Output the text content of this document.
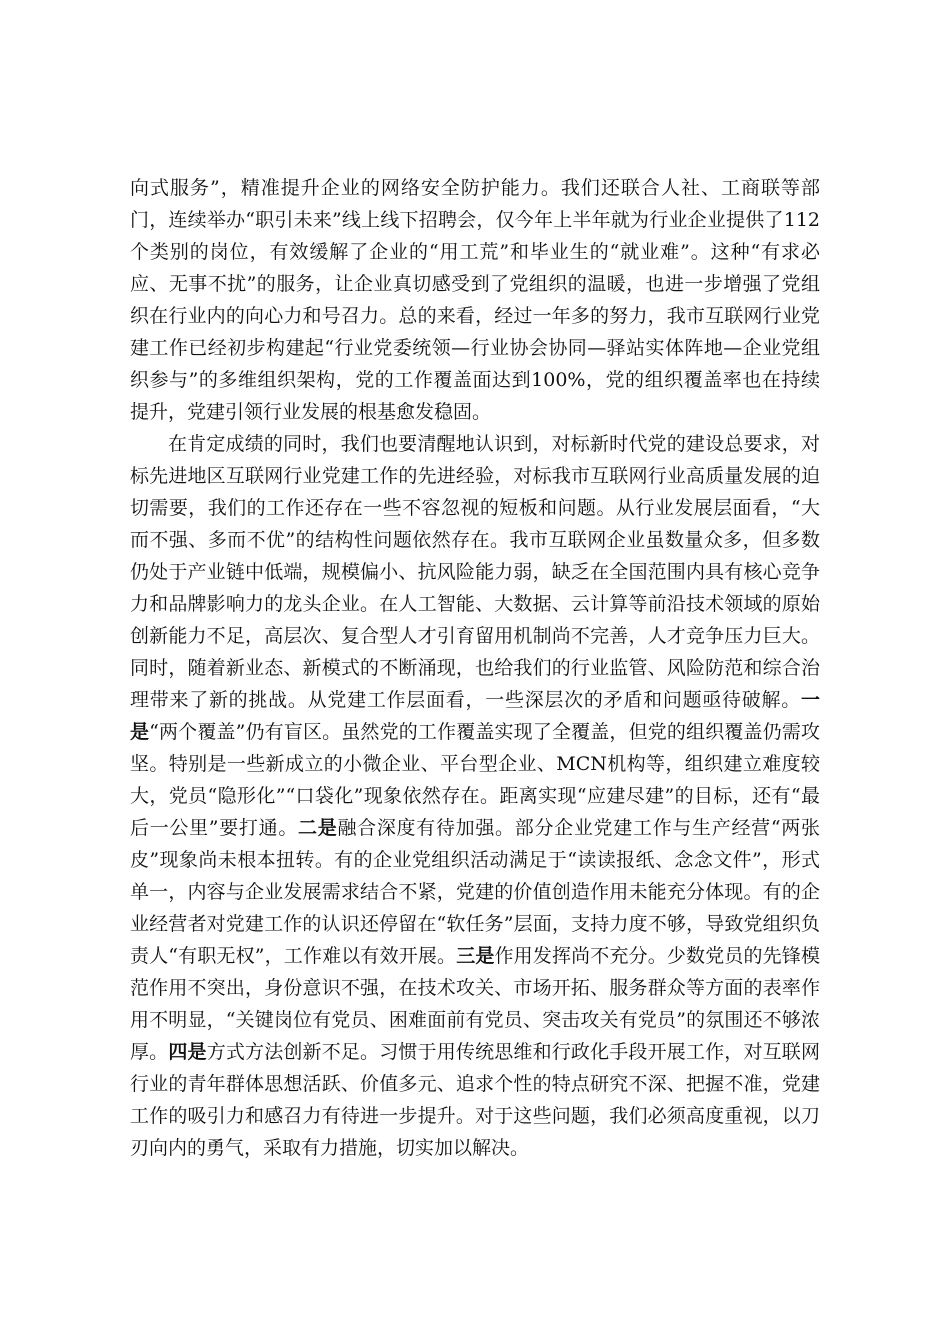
向式服务”，精准提升企业的网络安全防护能力。我们还联合人社、工商联等部门，连续举办“职引未来”线上线下招聘会，仅今年上半年就为行业企业提供了112个类别的岗位，有效缓解了企业的“用工荒”和毕业生的“就业难”。这种“有求必应、无事不扰”的服务，让企业真切感受到了党组织的温暖，也进一步增强了党组织在行业内的向心力和号召力。总的来看，经过一年多的努力，我市互联网行业党建工作已经初步构建起“行业党委统领—行业协会协同—驿站实体阵地—企业党组织参与”的多维组织架构，党的工作覆盖面达到100%，党的组织覆盖率也在持续提升，党建引领行业发展的根基愈发稳固。

在肯定成绩的同时，我们也要清醒地认识到，对标新时代党的建设总要求，对标先进地区互联网行业党建工作的先进经验，对标我市互联网行业高质量发展的迫切需要，我们的工作还存在一些不容忽视的短板和问题。从行业发展层面看，“大而不强、多而不优”的结构性问题依然存在。我市互联网企业虽数量众多，但多数仍处于产业链中低端，规模偏小、抗风险能力弱，缺乏在全国范围内具有核心竞争力和品牌影响力的龙头企业。在人工智能、大数据、云计算等前沿技术领域的原始创新能力不足，高层次、复合型人才引育留用机制尚不完善，人才竞争压力巨大。同时，随着新业态、新模式的不断涌现，也给我们的行业监管、风险防范和综合治理带来了新的挑战。从党建工作层面看，一些深层次的矛盾和问题亟待破解。一是“两个覆盖”仍有盲区。虽然党的工作覆盖实现了全覆盖，但党的组织覆盖仍需攻坚。特别是一些新成立的小微企业、平台型企业、MCN机构等，组织建立难度较大，党员“隐形化”“口袋化”现象依然存在。距离实现“应建尽建”的目标，还有“最后一公里”要打通。二是融合深度有待加强。部分企业党建工作与生产经营“两张皮”现象尚未根本扭转。有的企业党组织活动满足于“读读报纸、念念文件”，形式单一，内容与企业发展需求结合不紧，党建的价值创造作用未能充分体现。有的企业经营者对党建工作的认识还停留在“软任务”层面，支持力度不够，导致党组织负责人“有职无权”，工作难以有效开展。三是作用发挥尚不充分。少数党员的先锋模范作用不突出，身份意识不强，在技术攻关、市场开拓、服务群众等方面的表率作用不明显，“关键岗位有党员、困难面前有党员、突击攻关有党员”的氛围还不够浓厚。四是方式方法创新不足。习惯于用传统思维和行政化手段开展工作，对互联网行业的青年群体思想活跃、价值多元、追求个性的特点研究不深、把握不准，党建工作的吸引力和感召力有待进一步提升。对于这些问题，我们必须高度重视，以刀刃向内的勇气，采取有力措施，切实加以解决。
